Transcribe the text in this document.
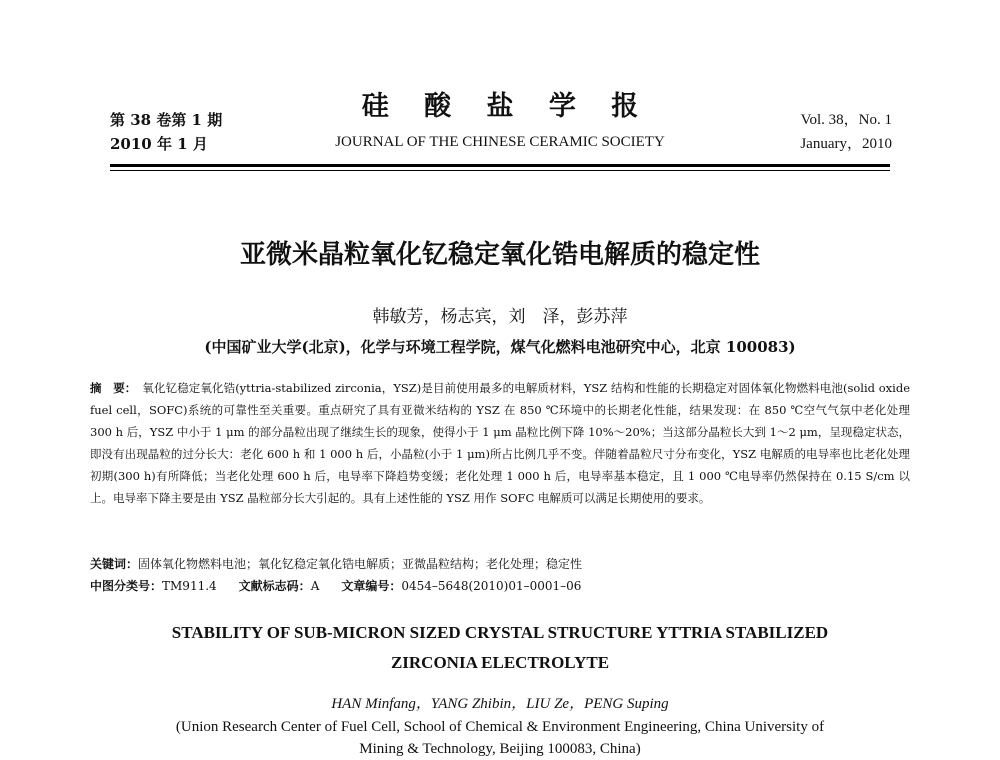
第 38 卷第 1 期
2010 年 1 月
硅 酸 盐 学 报
JOURNAL OF THE CHINESE CERAMIC SOCIETY
Vol. 38，No. 1
January，2010
亚微米晶粒氧化钇稳定氧化锆电解质的稳定性
韩敏芳，杨志宾，刘　泽，彭苏萍
(中国矿业大学(北京)，化学与环境工程学院，煤气化燃料电池研究中心，北京 100083)
摘　要： 氧化钇稳定氧化锆(yttria-stabilized zirconia，YSZ)是目前使用最多的电解质材料，YSZ 结构和性能的长期稳定对固体氧化物燃料电池(solid oxide fuel cell，SOFC)系统的可靠性至关重要。重点研究了具有亚微米结构的 YSZ 在 850 ℃环境中的长期老化性能，结果发现：在 850 ℃空气气氛中老化处理 300 h 后，YSZ 中小于 1 μm 的部分晶粒出现了继续生长的现象，使得小于 1 μm 晶粒比例下降 10%～20%；当这部分晶粒长大到 1～2 μm，呈现稳定状态，即没有出现晶粒的过分长大：老化 600 h 和 1 000 h 后，小晶粒(小于 1 μm)所占比例几乎不变。伴随着晶粒尺寸分布变化，YSZ 电解质的电导率也比老化处理初期(300 h)有所降低；当老化处理 600 h 后，电导率下降趋势变缓；老化处理 1 000 h 后，电导率基本稳定，且 1 000 ℃电导率仍然保持在 0.15 S/cm 以上。电导率下降主要是由 YSZ 晶粒部分长大引起的。具有上述性能的 YSZ 用作 SOFC 电解质可以满足长期使用的要求。
关键词：固体氧化物燃料电池；氧化钇稳定氧化锆电解质；亚微晶粒结构；老化处理；稳定性
中图分类号：TM911.4 文献标志码：A 文章编号：0454–5648(2010)01–0001–06
STABILITY OF SUB-MICRON SIZED CRYSTAL STRUCTURE YTTRIA STABILIZED
ZIRCONIA ELECTROLYTE
HAN Minfang，YANG Zhibin，LIU Ze，PENG Suping
(Union Research Center of Fuel Cell, School of Chemical & Environment Engineering, China University of
Mining & Technology, Beijing 100083, China)
